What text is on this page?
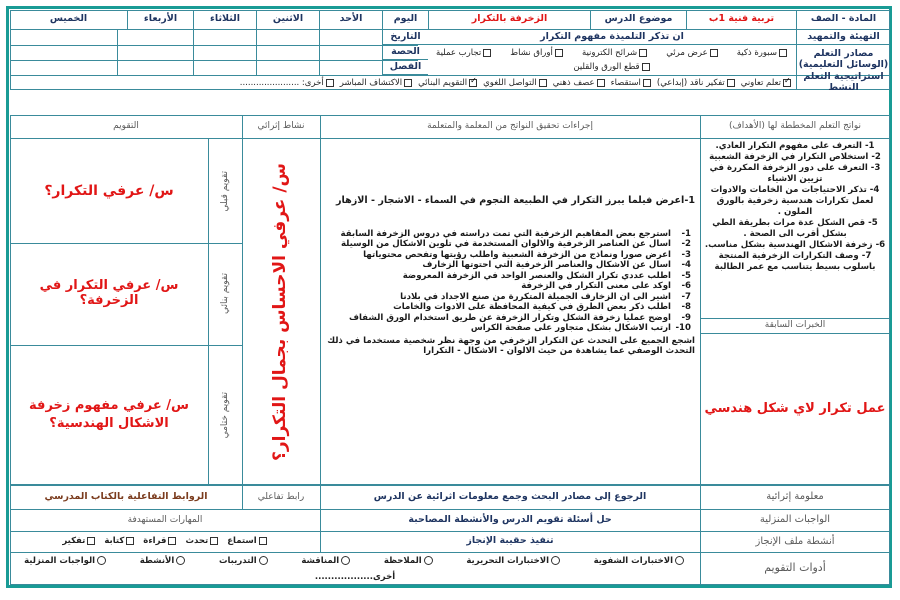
المادة - الصف
تربية فنية 1ب
موضوع الدرس
الزخرفة بالتكرار
اليوم
التاريخ
الحصة
الفصل
الأحد
الاثنين
الثلاثاء
الأربعاء
الخميس
التهيئة والتمهيد
ان تذكر التلميذة مفهوم التكرار
مصادر التعلم
(الوسائل التعليمية)
سبورة ذكية
عرض مرئي
شرائح الكترونية
أوراق نشاط
تجارب عملية
قطع الورق والقلين
استراتيجية التعلم النشط
✓تعلم تعاوني
تفكير ناقد (إبداعي)
استقصاء
عصف ذهني
التواصل اللغوي
✓التقويم البنائي
الاكتشاف المباشر
أخرى: ......................
نواتج التعلم المخططة لها (الأهداف)
إجراءات تحقيق النواتج من المعلمة والمتعلمة
نشاط إثرائي
التقويم
1- التعرف على مفهوم التكرار العادي.
2- استخلاص التكرار في الزخرفة الشعبية
3- التعرف على دور الزخرفة المكررة في تزيين الاشياء
4- تذكر الاحتياجات من الخامات والادوات لعمل تكرارات هندسية زخرفية بالورق الملون .
5- قص الشكل عدة مرات بطريقة الطي بشكل أقرب الى الصحة .
6- زخرفة الاشكال الهندسية بشكل مناسب.
7- وصف التكرارات الزخرفية المنتجة باسلوب بسيط يتناسب مع عمر الطالبة
الخبرات السابقة
عمل تكرار لاي شكل هندسي

1-اعرض فيلما يبرز التكرار في الطبيعة النجوم في السماء - الاشجار - الازهار

1-
استرجع بعض المفاهيم الزخرفية التي تمت دراسته في دروس الزخرفة السابقة
2-
اسال عن العناصر الزخرفية والالوان المستخدمة في تلوين الاشكال من الوسيلة
3-
اعرض صورا ونماذج من الزخرفة الشعبية واطلب رؤيتها وتفحص محتوياتها
4-
اسال عن الاشكال والعناصر الزخرفية التي احتوتها الزخارف
5-
اطلب عددي تكرار الشكل والعنصر الواحد في الزخرفة المعروضة
6-
اوكد على معنى التكرار في الزخرفة
7-
اشير الى ان الزخارف الجميلة المتكررة من صنع الاجداد في بلادنا
8-
اطلب ذكر بعض الطرق في كيفية المحافظة على الادوات والخامات
9-
اوضح عمليا زخرفة الشكل وتكرار الزخرفة عن طريق استخدام الورق الشفاف
10-
ارتب الاشكال بشكل متجاور على صفحة الكراس

اشجع الجميع على التحدث عن التكرار الزخرفي من وجهة نظر شخصية مستخدما في ذلك التحدث الوصفي عما يشاهدة من حيث الالوان - الاشكال - التكرارا

س/ عرفي الاحساس بجمال التكرار؟
تقويم قبلي
تقويم بنائي
تقويم ختامي
س/ عرفي التكرار؟
س/ عرفي التكرار في الزخرفة؟
س/ عرفي مفهوم زخرفة الاشكال الهندسية؟
معلومة إثرائية
الرجوع إلى مصادر البحث وجمع معلومات اثرائية عن الدرس
رابط تفاعلي
الروابط التفاعلية بالكتاب المدرسي
الواجبات المنزلية
حل أسئلة تقويم الدرس والأنشطة المصاحبة
المهارات المستهدفة
أنشطة ملف الإنجاز
تنفيذ حقيبة الإنجاز
استماع
تحدث
قراءة
كتابة
تفكير
أدوات التقويم
الاختبارات الشفوية
الاختبارات التحريرية
الملاحظة
المناقشة
التدريبات
الأنشطة
الواجبات المنزلية
أخرى..................
